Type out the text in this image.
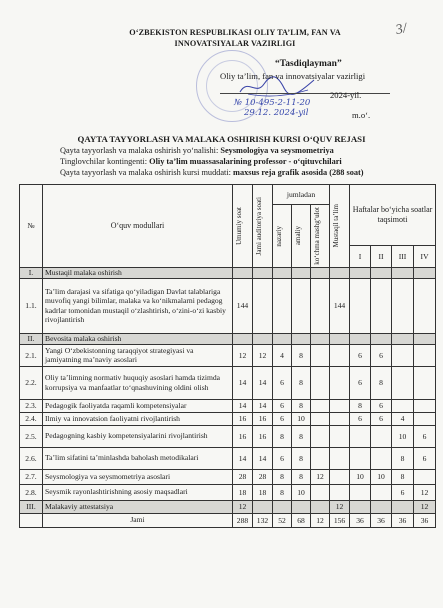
O‘ZBEKISTON RESPUBLIKASI OLIY TA’LIM, FAN VA
INNOVATSIYALAR VAZIRLIGI
3/
“Tasdiqlayman”
Oliy ta’lim, fan va innovatsiyalar vazirligi
2024-yil.
№ 10-495-2-11-20
29.12. 2024-yil	m.o‘.
QAYTA TAYYORLASH VA MALAKA OSHIRISH KURSI O‘QUV REJASI
Qayta tayyorlash va malaka oshirish yo‘nalishi: Seysmologiya va seysmometriya
Tinglovchilar kontingenti: Oliy ta’lim muassasalarining professor - o‘qituvchilari
Qayta tayyorlash va malaka oshirish kursi muddati: maxsus reja grafik asosida (288 soat)
№	O‘quv modullari	Umumiy soat	Jami auditoriya soati	jumladan			Mustaqil ta’lim	Haftalar bo‘yicha soatlar taqsimoti			

				nazariy	amaliy	ko‘chma mashg‘ulot					

								I	II	III	IV
I.	Mustaqil malaka oshirish										
1.1.	Ta’lim darajasi va sifatiga qo‘yiladigan Davlat talablariga muvofiq yangi bilimlar, malaka va ko‘nikmalarni pedagog kadrlar tomonidan mustaqil o‘zlashtirish, o‘zini-o‘zi kasbiy rivojlantirish	144					144				
II.	Bevosita malaka oshirish										
2.1.	Yangi O‘zbekistonning taraqqiyot strategiyasi va jamiyatning ma’naviy asoslari	12	12	4	8			6	6		
2.2.	Oliy ta’limning normativ huquqiy asoslari hamda tizimda korrupsiya va manfaatlar to‘qnashuvining oldini olish	14	14	6	8			6	8		
2.3.	Pedagogik faoliyatda raqamli kompetensiyalar	14	14	6	8			8	6		
2.4.	Ilmiy va innovatsion faoliyatni rivojlantirish	16	16	6	10			6	6	4	
2.5.	Pedagogning kasbiy kompetensiyalarini rivojlantirish	16	16	8	8					10	6
2.6.	Ta’lim sifatini ta’minlashda baholash metodikalari	14	14	6	8					8	6
2.7.	Seysmologiya va seysmometriya asoslari	28	28	8	8	12		10	10	8	
2.8.	Seysmik rayonlashtirishning asosiy maqsadlari	18	18	8	10					6	12
III.	Malakaviy attestatsiya	12					12				12
	Jami	288	132	52	68	12	156	36	36	36	36
